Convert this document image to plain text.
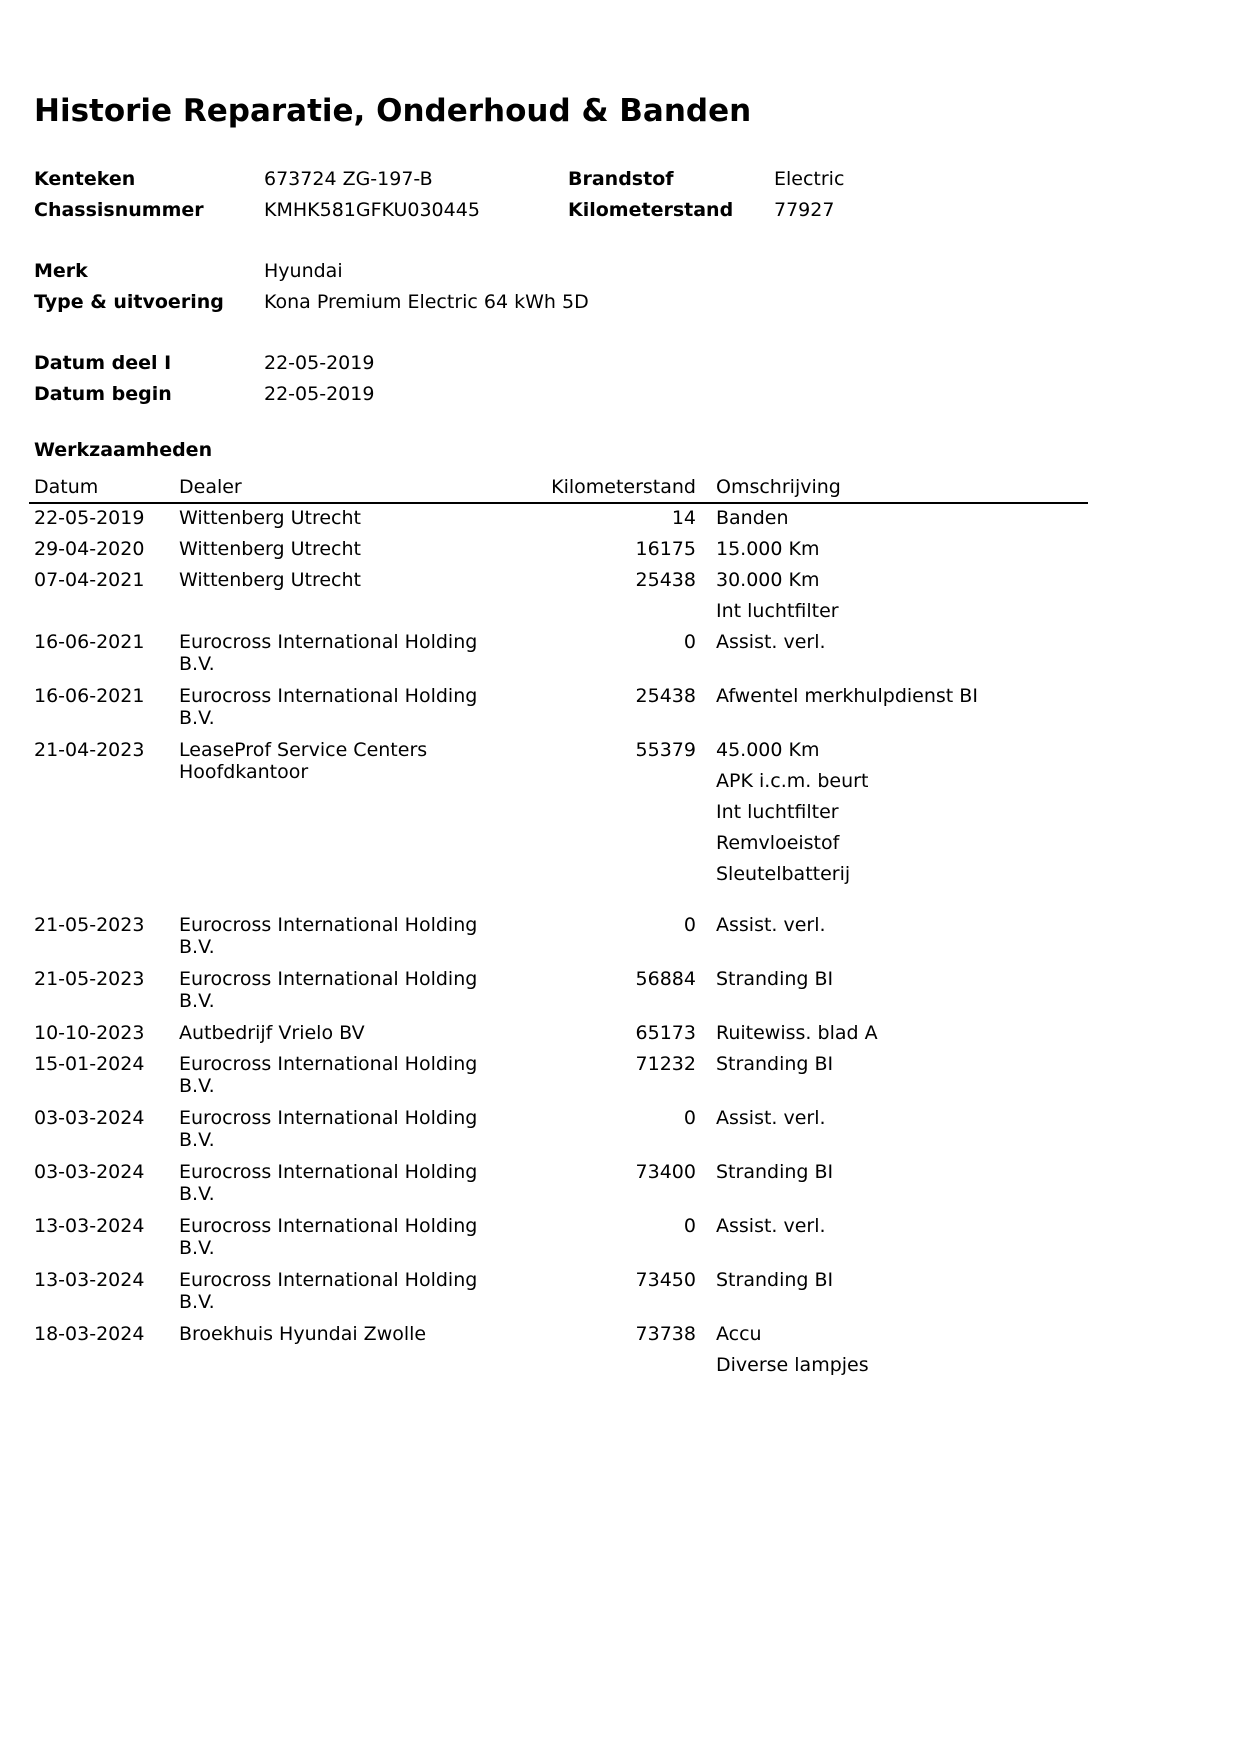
Historie Reparatie, Onderhoud & Banden
Kenteken	673724 ZG-197-B	Brandstof	Electric
Chassisnummer	KMHK581GFKU030445	Kilometerstand 77927
Merk	Hyundai
Type & uitvoering Kona Premium Electric 64 kWh 5D
Datum deel I	22-05-2019
Datum begin	22-05-2019
Werkzaamheden
Datum	Dealer	Kilometerstand Omschrijving
22-05-2019 Wittenberg Utrecht	14 Banden
29-04-2020 Wittenberg Utrecht	16175 15.000 Km
07-04-2021 Wittenberg Utrecht	25438 30.000 Km
Int luchtfilter
16-06-2021 Eurocross International Holding
B.V.
0 Assist. verl.
16-06-2021 Eurocross International Holding
B.V.
25438 Afwentel merkhulpdienst BI
21-04-2023 LeaseProf Service Centers
Hoofdkantoor
55379 45.000 Km
APK i.c.m. beurt
Int luchtfilter
Remvloeistof
Sleutelbatterij
21-05-2023 Eurocross International Holding
B.V.
0 Assist. verl.
21-05-2023 Eurocross International Holding
B.V.
56884 Stranding BI
10-10-2023 Autbedrijf Vrielo BV	65173 Ruitewiss. blad A
15-01-2024 Eurocross International Holding
B.V.
71232 Stranding BI
03-03-2024 Eurocross International Holding
B.V.
0 Assist. verl.
03-03-2024 Eurocross International Holding
B.V.
73400 Stranding BI
13-03-2024 Eurocross International Holding
B.V.
0 Assist. verl.
13-03-2024 Eurocross International Holding
B.V.
73450 Stranding BI
18-03-2024 Broekhuis Hyundai Zwolle	73738 Accu
Diverse lampjes
